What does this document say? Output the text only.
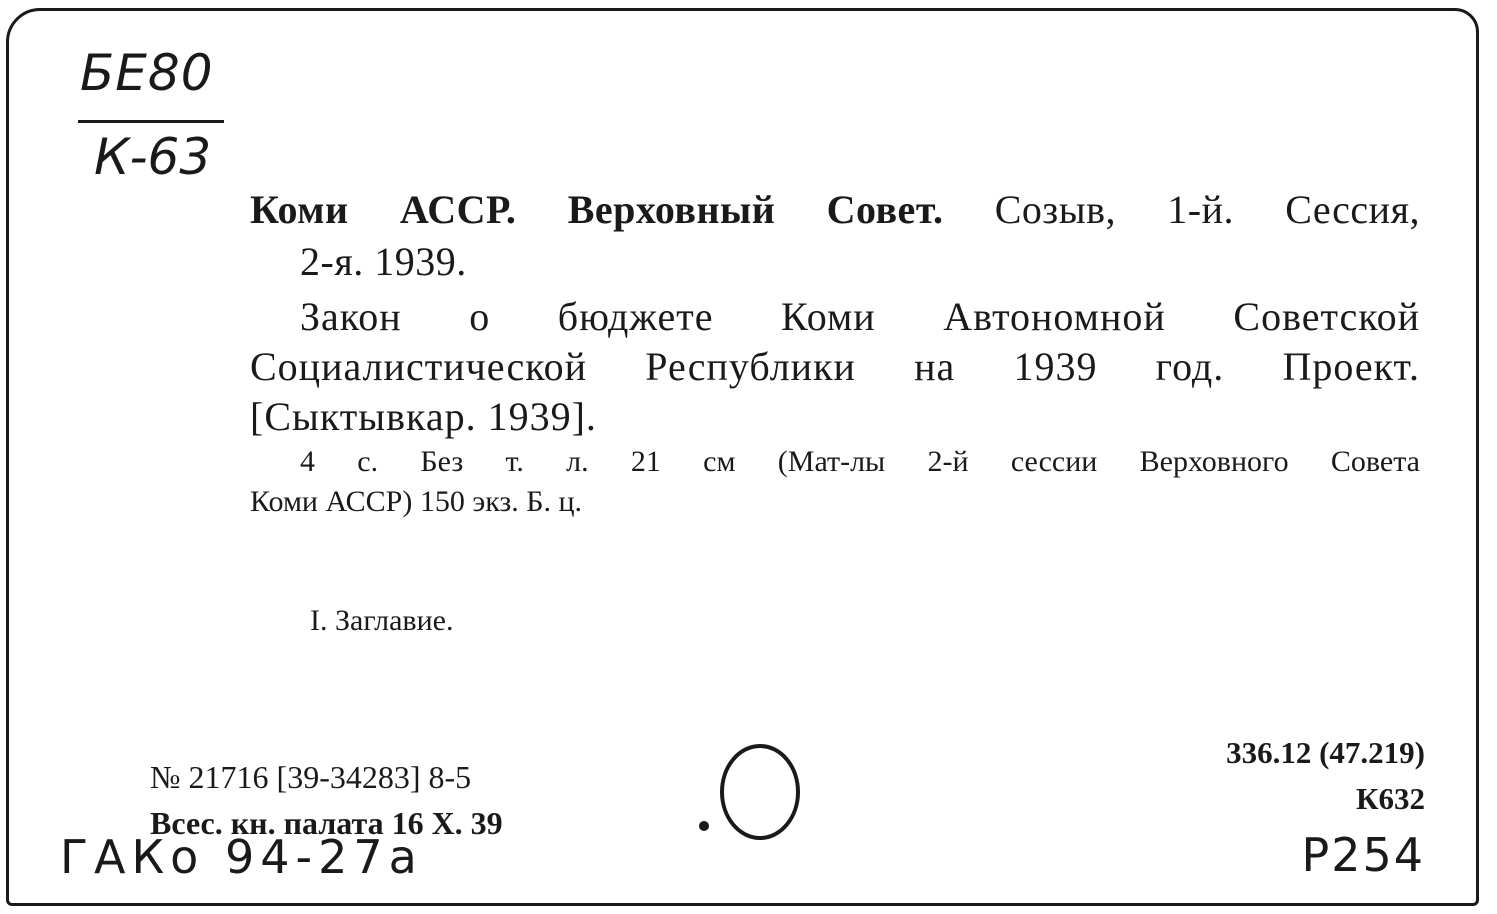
БЕ80
К-63
Коми АССР. Верховный Совет. Созыв, 1-й. Сессия,
2-я. 1939.
Закон о бюджете Коми Автономной Советской
Социалистической Республики на 1939 год. Проект.
[Сыктывкар. 1939].
4 с. Без т. л. 21 см (Мат-лы 2-й сессии Верховного Совета
Коми АССР) 150 экз. Б. ц.
I. Заглавие.
№ 21716 [39-34283] 8-5
Всес. кн. палата 16 X. 39
336.12 (47.219)
К632
ГАКо 94-27а	P254
